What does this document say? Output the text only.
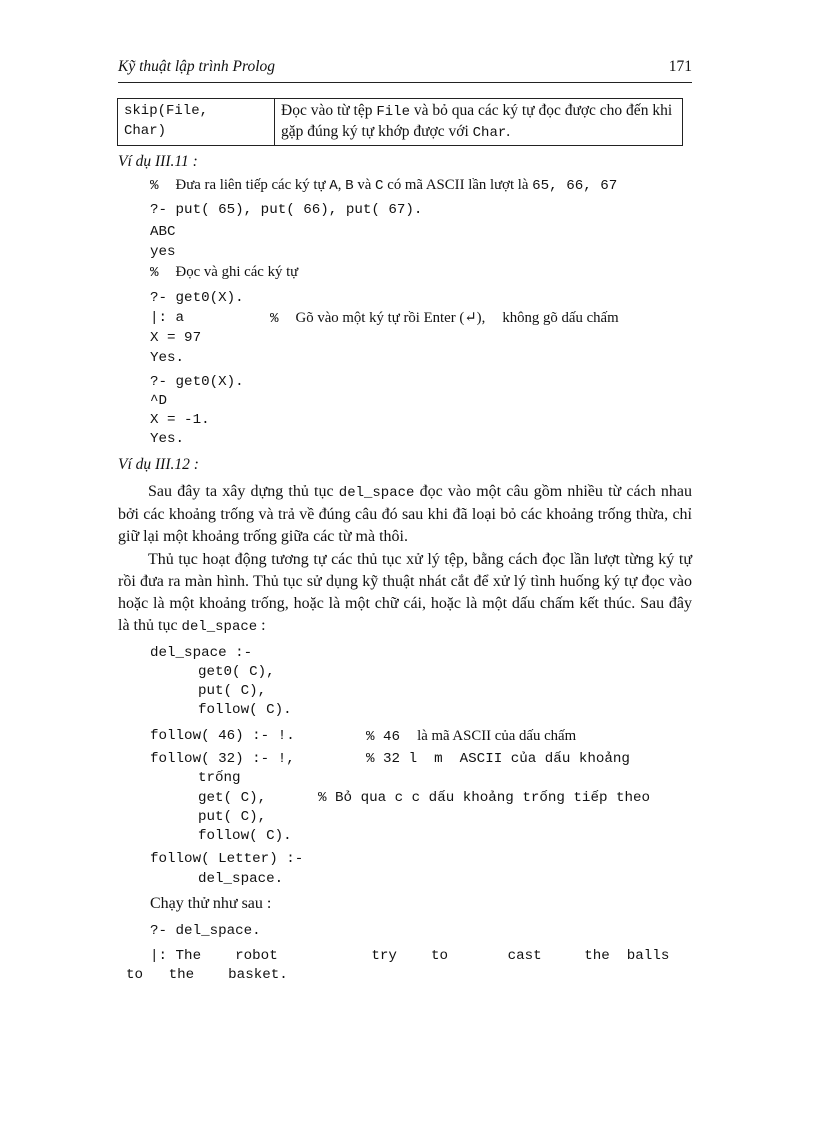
Kỹ thuật lập trình Prolog	171
skip(File,
Char)
	Đọc vào từ tệp File và bỏ qua các ký tự đọc được cho đến khi gặp đúng ký tự khớp được với Char.
Ví dụ III.11 :
% Đưa ra liên tiếp các ký tự A, B và C có mã ASCII lần lượt là 65, 66, 67
?- put( 65), put( 66), put( 67).
ABC
yes
% Đọc và ghi các ký tự
?- get0(X).
|: a	% Gõ vào một ký tự rồi Enter (↵), không gõ dấu chấm
X = 97
Yes.
?- get0(X).
^D
X = -1.
Yes.
Ví dụ III.12 :
Sau đây ta xây dựng thủ tục del_space đọc vào một câu gồm nhiều từ cách nhau bởi các khoảng trống và trả về đúng câu đó sau khi đã loại bỏ các khoảng trống thừa, chỉ giữ lại một khoảng trống giữa các từ mà thôi.
Thủ tục hoạt động tương tự các thủ tục xử lý tệp, bằng cách đọc lần lượt từng ký tự rồi đưa ra màn hình. Thủ tục sử dụng kỹ thuật nhát cắt để xử lý tình huống ký tự đọc vào hoặc là một khoảng trống, hoặc là một chữ cái, hoặc là một dấu chấm kết thúc. Sau đây là thủ tục del_space :
del_space :-
get0( C),
put( C),
follow( C).
follow( 46) :- !.	% 46 là mã ASCII của dấu chấm
follow( 32) :- !,	% 32 l  m  ASCII của dấu khoảng
trống
get( C),	% Bỏ qua c c dấu khoảng trống tiếp theo
put( C),
follow( C).
follow( Letter) :-
del_space.
Chạy thử như sau :
?- del_space.
|: The    robot           try    to       cast     the  balls
to   the    basket.
